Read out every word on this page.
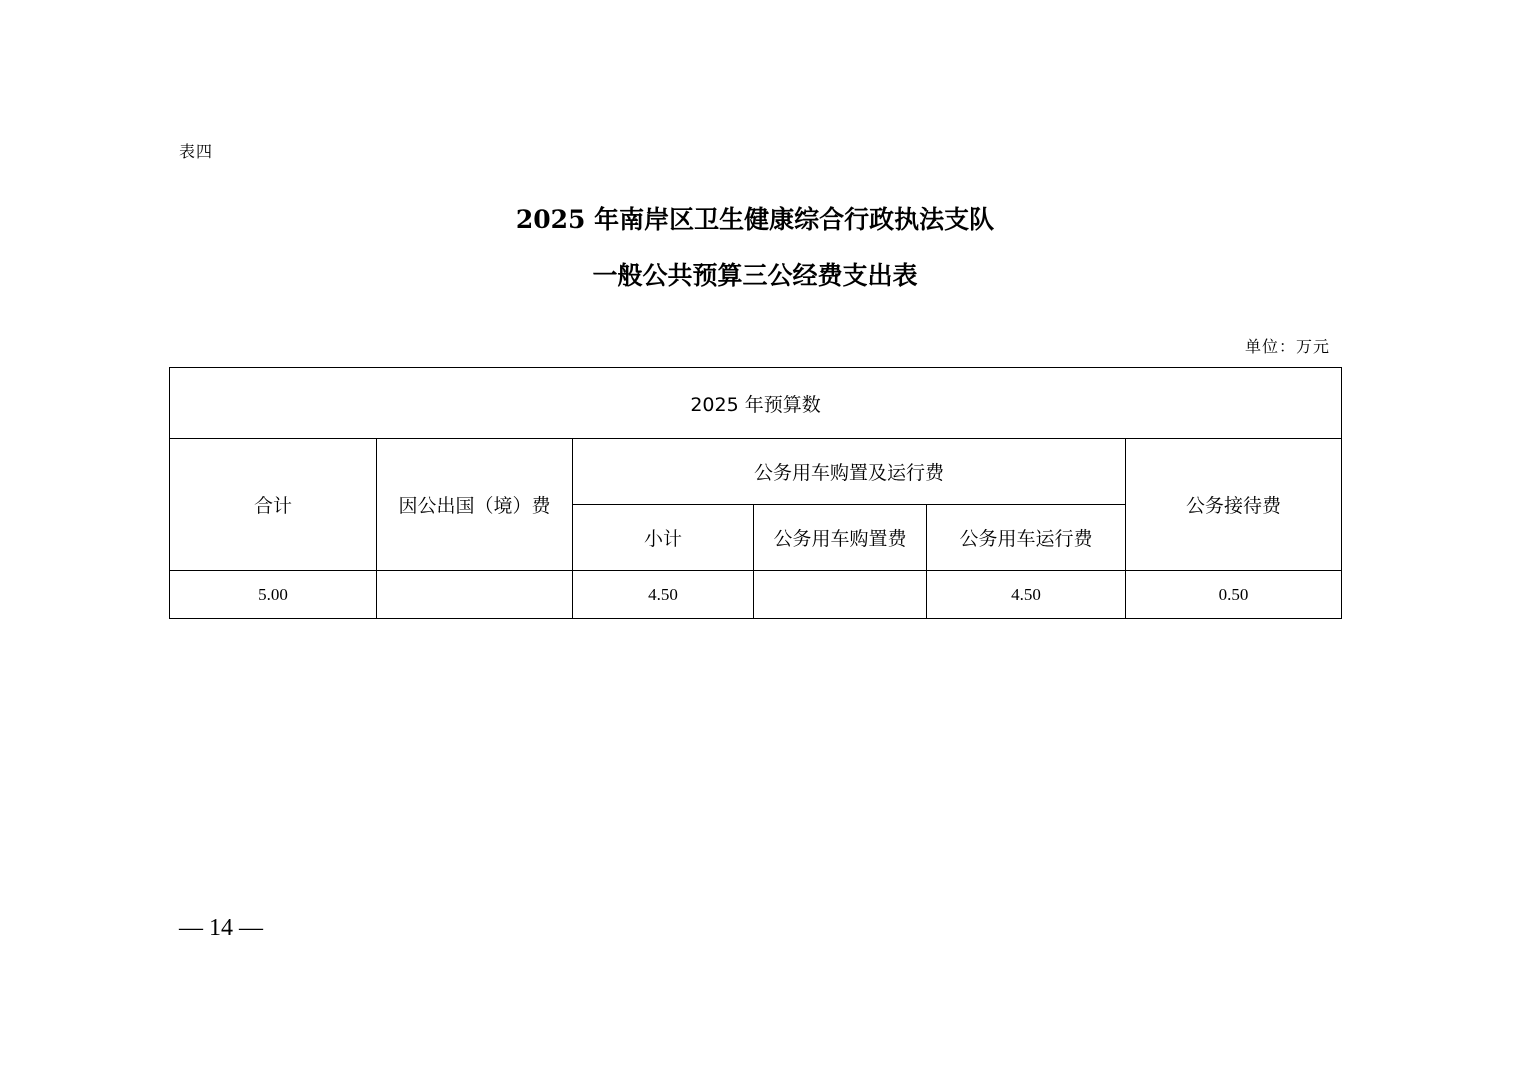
表四
2025 年南岸区卫生健康综合行政执法支队
一般公共预算三公经费支出表
单位：万元
2025 年预算数					
合计	因公出国（境）费	公务用车购置及运行费			公务接待费
		小计	公务用车购置费	公务用车运行费	
5.00		4.50		4.50	0.50
— 14 —
